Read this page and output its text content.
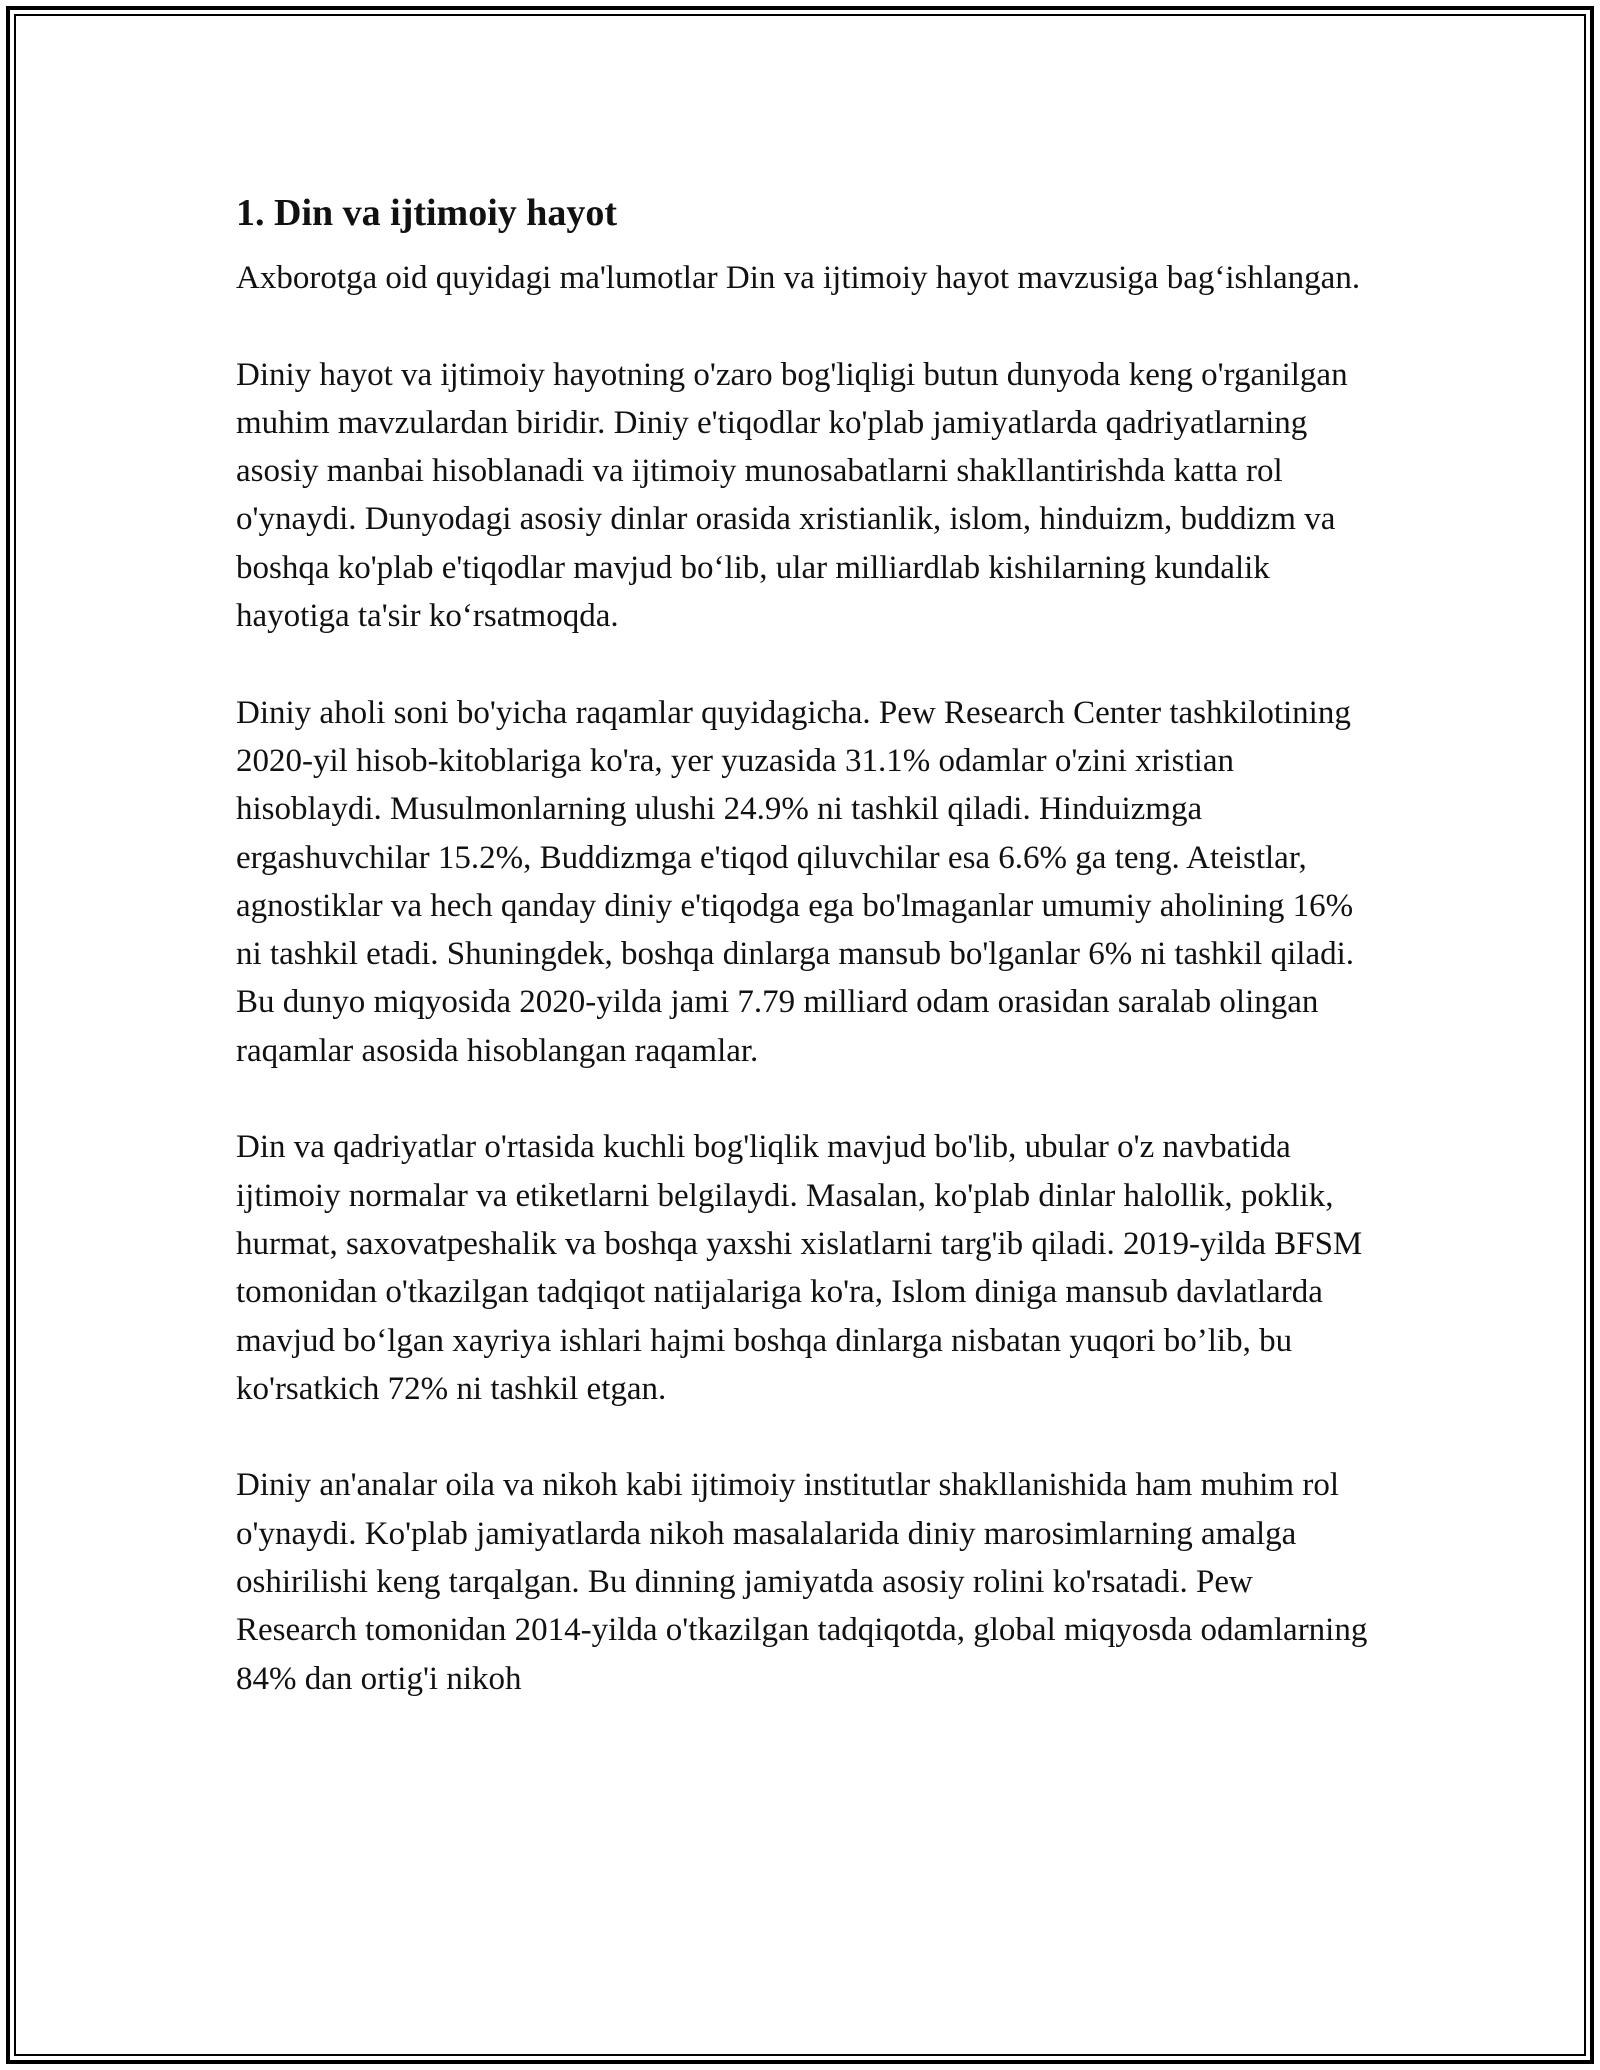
1. Din va ijtimoiy hayot

Axborotga oid quyidagi ma'lumotlar Din va ijtimoiy hayot mavzusiga bag‘ishlangan.

Diniy hayot va ijtimoiy hayotning o'zaro bog'liqligi butun dunyoda keng o'rganilgan muhim mavzulardan biridir. Diniy e'tiqodlar ko'plab jamiyatlarda qadriyatlarning asosiy manbai hisoblanadi va ijtimoiy munosabatlarni shakllantirishda katta rol o'ynaydi. Dunyodagi asosiy dinlar orasida xristianlik, islom, hinduizm, buddizm va boshqa ko'plab e'tiqodlar mavjud bo‘lib, ular milliardlab kishilarning kundalik hayotiga ta'sir ko‘rsatmoqda.

Diniy aholi soni bo'yicha raqamlar quyidagicha. Pew Research Center tashkilotining 2020-yil hisob-kitoblariga ko'ra, yer yuzasida 31.1% odamlar o'zini xristian hisoblaydi. Musulmonlarning ulushi 24.9% ni tashkil qiladi. Hinduizmga ergashuvchilar 15.2%, Buddizmga e'tiqod qiluvchilar esa 6.6% ga teng. Ateistlar, agnostiklar va hech qanday diniy e'tiqodga ega bo'lmaganlar umumiy aholining 16% ni tashkil etadi. Shuningdek, boshqa dinlarga mansub bo'lganlar 6% ni tashkil qiladi. Bu dunyo miqyosida 2020-yilda jami 7.79 milliard odam orasidan saralab olingan raqamlar asosida hisoblangan raqamlar.

Din va qadriyatlar o'rtasida kuchli bog'liqlik mavjud bo'lib, ubular o'z navbatida ijtimoiy normalar va etiketlarni belgilaydi. Masalan, ko'plab dinlar halollik, poklik, hurmat, saxovatpeshalik va boshqa yaxshi xislatlarni targ'ib qiladi. 2019-yilda BFSM tomonidan o'tkazilgan tadqiqot natijalariga ko'ra, Islom diniga mansub davlatlarda mavjud bo‘lgan xayriya ishlari hajmi boshqa dinlarga nisbatan yuqori bo’lib, bu ko'rsatkich 72% ni tashkil etgan.

Diniy an'analar oila va nikoh kabi ijtimoiy institutlar shakllanishida ham muhim rol o'ynaydi. Ko'plab jamiyatlarda nikoh masalalarida diniy marosimlarning amalga oshirilishi keng tarqalgan. Bu dinning jamiyatda asosiy rolini ko'rsatadi. Pew Research tomonidan 2014-yilda o'tkazilgan tadqiqotda, global miqyosda odamlarning 84% dan ortig'i nikoh
